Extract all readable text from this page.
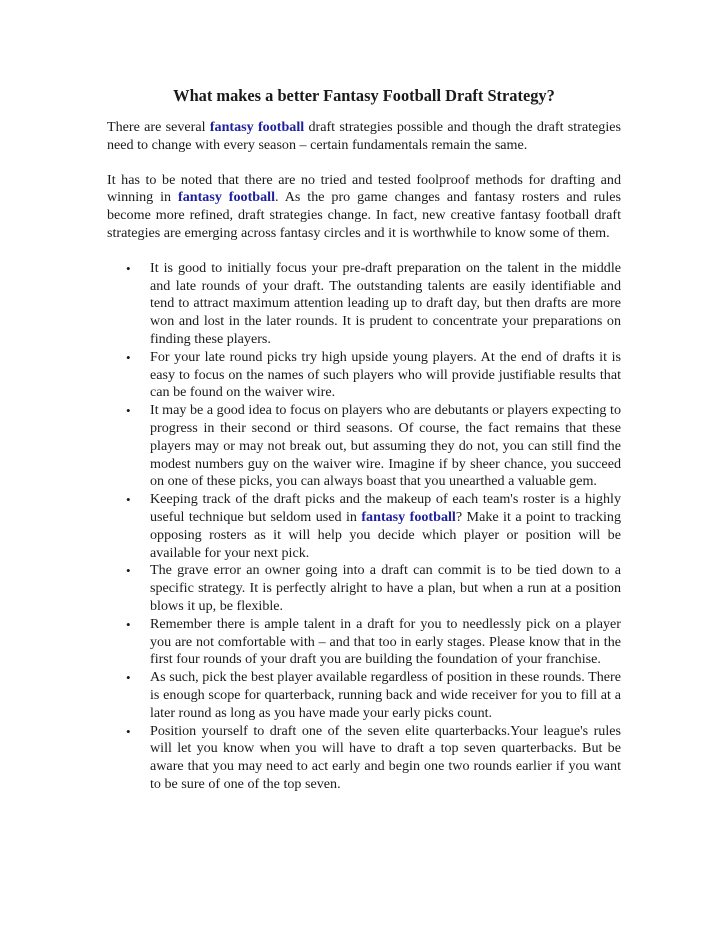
What makes a better Fantasy Football Draft Strategy?

There are several fantasy football draft strategies possible and though the draft strategies need to change with every season – certain fundamentals remain the same.

It has to be noted that there are no tried and tested foolproof methods for drafting and winning in fantasy football. As the pro game changes and fantasy rosters and rules become more refined, draft strategies change. In fact, new creative fantasy football draft strategies are emerging across fantasy circles and it is worthwhile to know some of them.

•	It is good to initially focus your pre-draft preparation on the talent in the middle and late rounds of your draft. The outstanding talents are easily identifiable and tend to attract maximum attention leading up to draft day, but then drafts are more won and lost in the later rounds. It is prudent to concentrate your preparations on finding these players.
•	For your late round picks try high upside young players. At the end of drafts it is easy to focus on the names of such players who will provide justifiable results that can be found on the waiver wire.
•	It may be a good idea to focus on players who are debutants or players expecting to progress in their second or third seasons. Of course, the fact remains that these players may or may not break out, but assuming they do not, you can still find the modest numbers guy on the waiver wire. Imagine if by sheer chance, you succeed on one of these picks, you can always boast that you unearthed a valuable gem.
•	Keeping track of the draft picks and the makeup of each team's roster is a highly useful technique but seldom used in fantasy football? Make it a point to tracking opposing rosters as it will help you decide which player or position will be available for your next pick.
•	The grave error an owner going into a draft can commit is to be tied down to a specific strategy. It is perfectly alright to have a plan, but when a run at a position blows it up, be flexible.
•	Remember there is ample talent in a draft for you to needlessly pick on a player you are not comfortable with – and that too in early stages. Please know that in the first four rounds of your draft you are building the foundation of your franchise.
•	As such, pick the best player available regardless of position in these rounds. There is enough scope for quarterback, running back and wide receiver for you to fill at a later round as long as you have made your early picks count.
•	Position yourself to draft one of the seven elite quarterbacks.Your league's rules will let you know when you will have to draft a top seven quarterbacks. But be aware that you may need to act early and begin one two rounds earlier if you want to be sure of one of the top seven.
